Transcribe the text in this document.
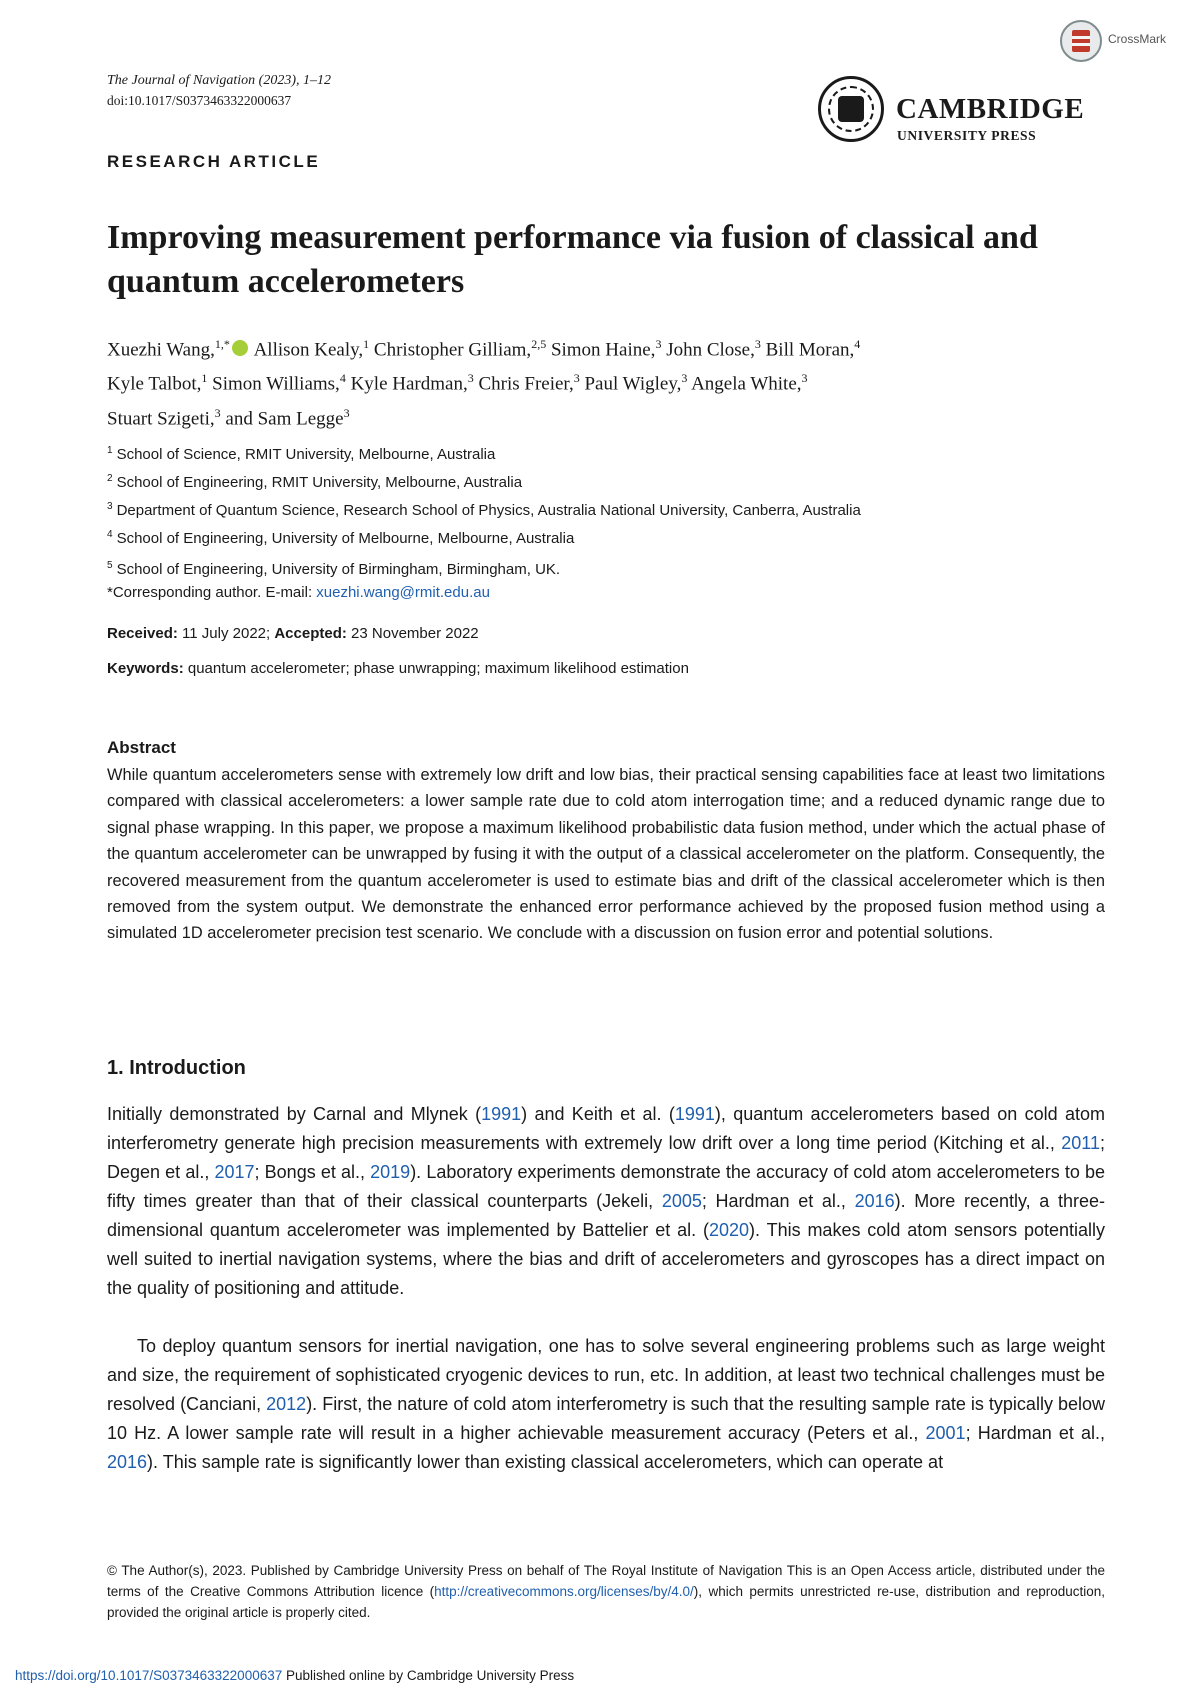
The Journal of Navigation (2023), 1–12
doi:10.1017/S0373463322000637
CrossMark
CAMBRIDGE
UNIVERSITY PRESS
RESEARCH ARTICLE
Improving measurement performance via fusion of classical and quantum accelerometers
Xuezhi Wang,$^{1,*}$ Allison Kealy,$^1$ Christopher Gilliam,$^{2,5}$ Simon Haine,$^3$ John Close,$^3$ Bill Moran,$^4$
Kyle Talbot,$^1$ Simon Williams,$^4$ Kyle Hardman,$^3$ Chris Freier,$^3$ Paul Wigley,$^3$ Angela White,$^3$
Stuart Szigeti,$^3$ and Sam Legge$^3$
$^1$ School of Science, RMIT University, Melbourne, Australia
$^2$ School of Engineering, RMIT University, Melbourne, Australia
$^3$ Department of Quantum Science, Research School of Physics, Australia National University, Canberra, Australia
$^4$ School of Engineering, University of Melbourne, Melbourne, Australia
$^5$ School of Engineering, University of Birmingham, Birmingham, UK.
*Corresponding author. E-mail: xuezhi.wang@rmit.edu.au
Received: 11 July 2022; Accepted: 23 November 2022
Keywords: quantum accelerometer; phase unwrapping; maximum likelihood estimation
Abstract
While quantum accelerometers sense with extremely low drift and low bias, their practical sensing capabilities face at least two limitations compared with classical accelerometers: a lower sample rate due to cold atom interrogation time; and a reduced dynamic range due to signal phase wrapping. In this paper, we propose a maximum likelihood probabilistic data fusion method, under which the actual phase of the quantum accelerometer can be unwrapped by fusing it with the output of a classical accelerometer on the platform. Consequently, the recovered measurement from the quantum accelerometer is used to estimate bias and drift of the classical accelerometer which is then removed from the system output. We demonstrate the enhanced error performance achieved by the proposed fusion method using a simulated 1D accelerometer precision test scenario. We conclude with a discussion on fusion error and potential solutions.
1. Introduction

Initially demonstrated by Carnal and Mlynek (1991) and Keith et al. (1991), quantum accelerometers based on cold atom interferometry generate high precision measurements with extremely low drift over a long time period (Kitching et al., 2011; Degen et al., 2017; Bongs et al., 2019). Laboratory experiments demonstrate the accuracy of cold atom accelerometers to be fifty times greater than that of their classical counterparts (Jekeli, 2005; Hardman et al., 2016). More recently, a three-dimensional quantum accelerometer was implemented by Battelier et al. (2020). This makes cold atom sensors potentially well suited to inertial navigation systems, where the bias and drift of accelerometers and gyroscopes has a direct impact on the quality of positioning and attitude.

To deploy quantum sensors for inertial navigation, one has to solve several engineering problems such as large weight and size, the requirement of sophisticated cryogenic devices to run, etc. In addition, at least two technical challenges must be resolved (Canciani, 2012). First, the nature of cold atom interferometry is such that the resulting sample rate is typically below 10 Hz. A lower sample rate will result in a higher achievable measurement accuracy (Peters et al., 2001; Hardman et al., 2016). This sample rate is significantly lower than existing classical accelerometers, which can operate at

© The Author(s), 2023. Published by Cambridge University Press on behalf of The Royal Institute of Navigation This is an Open Access article, distributed under the terms of the Creative Commons Attribution licence (http://creativecommons.org/licenses/by/4.0/), which permits unrestricted re-use, distribution and reproduction, provided the original article is properly cited.
https://doi.org/10.1017/S0373463322000637 Published online by Cambridge University Press
